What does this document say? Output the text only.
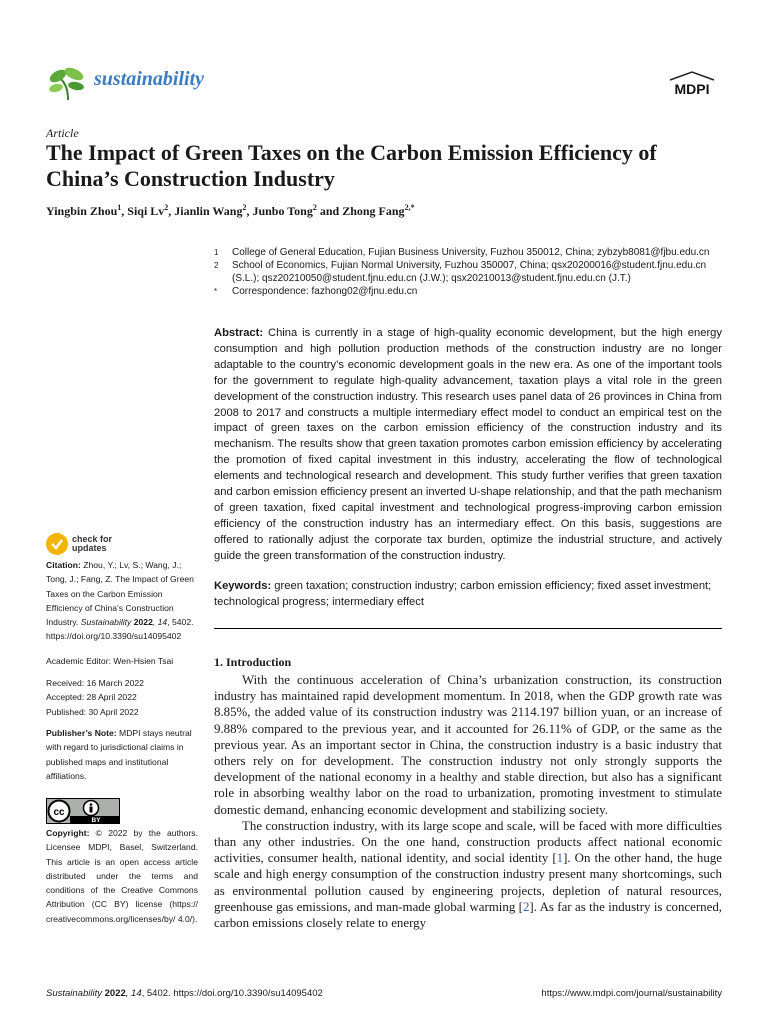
sustainability	MDPI
Article
The Impact of Green Taxes on the Carbon Emission Efficiency of China’s Construction Industry
Yingbin Zhou$^1$, Siqi Lv$^2$, Jianlin Wang$^2$, Junbo Tong$^2$ and Zhong Fang$^{2,*}$
1	College of General Education, Fujian Business University, Fuzhou 350012, China; zybzyb8081@fjbu.edu.cn
2	School of Economics, Fujian Normal University, Fuzhou 350007, China; qsx20200016@student.fjnu.edu.cn (S.L.); qsz20210050@student.fjnu.edu.cn (J.W.); qsx20210013@student.fjnu.edu.cn (J.T.)
*	Correspondence: fazhong02@fjnu.edu.cn
Abstract: China is currently in a stage of high-quality economic development, but the high energy consumption and high pollution production methods of the construction industry are no longer adaptable to the country’s economic development goals in the new era. As one of the important tools for the government to regulate high-quality advancement, taxation plays a vital role in the green development of the construction industry. This research uses panel data of 26 provinces in China from 2008 to 2017 and constructs a multiple intermediary effect model to conduct an empirical test on the impact of green taxes on the carbon emission efficiency of the construction industry and its mechanism. The results show that green taxation promotes carbon emission efficiency by accelerating the promotion of fixed capital investment in this industry, accelerating the flow of technological elements and technological research and development. This study further verifies that green taxation and carbon emission efficiency present an inverted U-shape relationship, and that the path mechanism of green taxation, fixed capital investment and technological progress-improving carbon emission efficiency of the construction industry has an intermediary effect. On this basis, suggestions are offered to rationally adjust the corporate tax burden, optimize the industrial structure, and actively guide the green transformation of the construction industry.
Keywords: green taxation; construction industry; carbon emission efficiency; fixed asset investment; technological progress; intermediary effect
check for
updates
Citation: Zhou, Y.; Lv, S.; Wang, J.; Tong, J.; Fang, Z. The Impact of Green Taxes on the Carbon Emission Efficiency of China’s Construction Industry. Sustainability 2022, 14, 5402. https://doi.org/10.3390/su14095402
Academic Editor: Wen-Hsien Tsai
Received: 16 March 2022
Accepted: 28 April 2022
Published: 30 April 2022
Publisher’s Note: MDPI stays neutral with regard to jurisdictional claims in published maps and institutional affiliations.
cc
BY
Copyright: © 2022 by the authors. Licensee MDPI, Basel, Switzerland. This article is an open access article distributed under the terms and conditions of the Creative Commons Attribution (CC BY) license (https:// creativecommons.org/licenses/by/ 4.0/).
1. Introduction

With the continuous acceleration of China’s urbanization construction, its construction industry has maintained rapid development momentum. In 2018, when the GDP growth rate was 8.85%, the added value of its construction industry was 2114.197 billion yuan, or an increase of 9.88% compared to the previous year, and it accounted for 26.11% of GDP, or the same as the previous year. As an important sector in China, the construction industry is a basic industry that others rely on for development. The construction industry not only strongly supports the development of the national economy in a healthy and stable direction, but also has a significant role in absorbing wealthy labor on the road to urbanization, promoting investment to stimulate domestic demand, enhancing economic development and stabilizing society.

The construction industry, with its large scope and scale, will be faced with more difficulties than any other industries. On the one hand, construction products affect national economic activities, consumer health, national identity, and social identity [1]. On the other hand, the huge scale and high energy consumption of the construction industry present many shortcomings, such as environmental pollution caused by engineering projects, depletion of natural resources, greenhouse gas emissions, and man-made global warming [2]. As far as the industry is concerned, carbon emissions closely relate to energy

Sustainability 2022, 14, 5402. https://doi.org/10.3390/su14095402	https://www.mdpi.com/journal/sustainability
